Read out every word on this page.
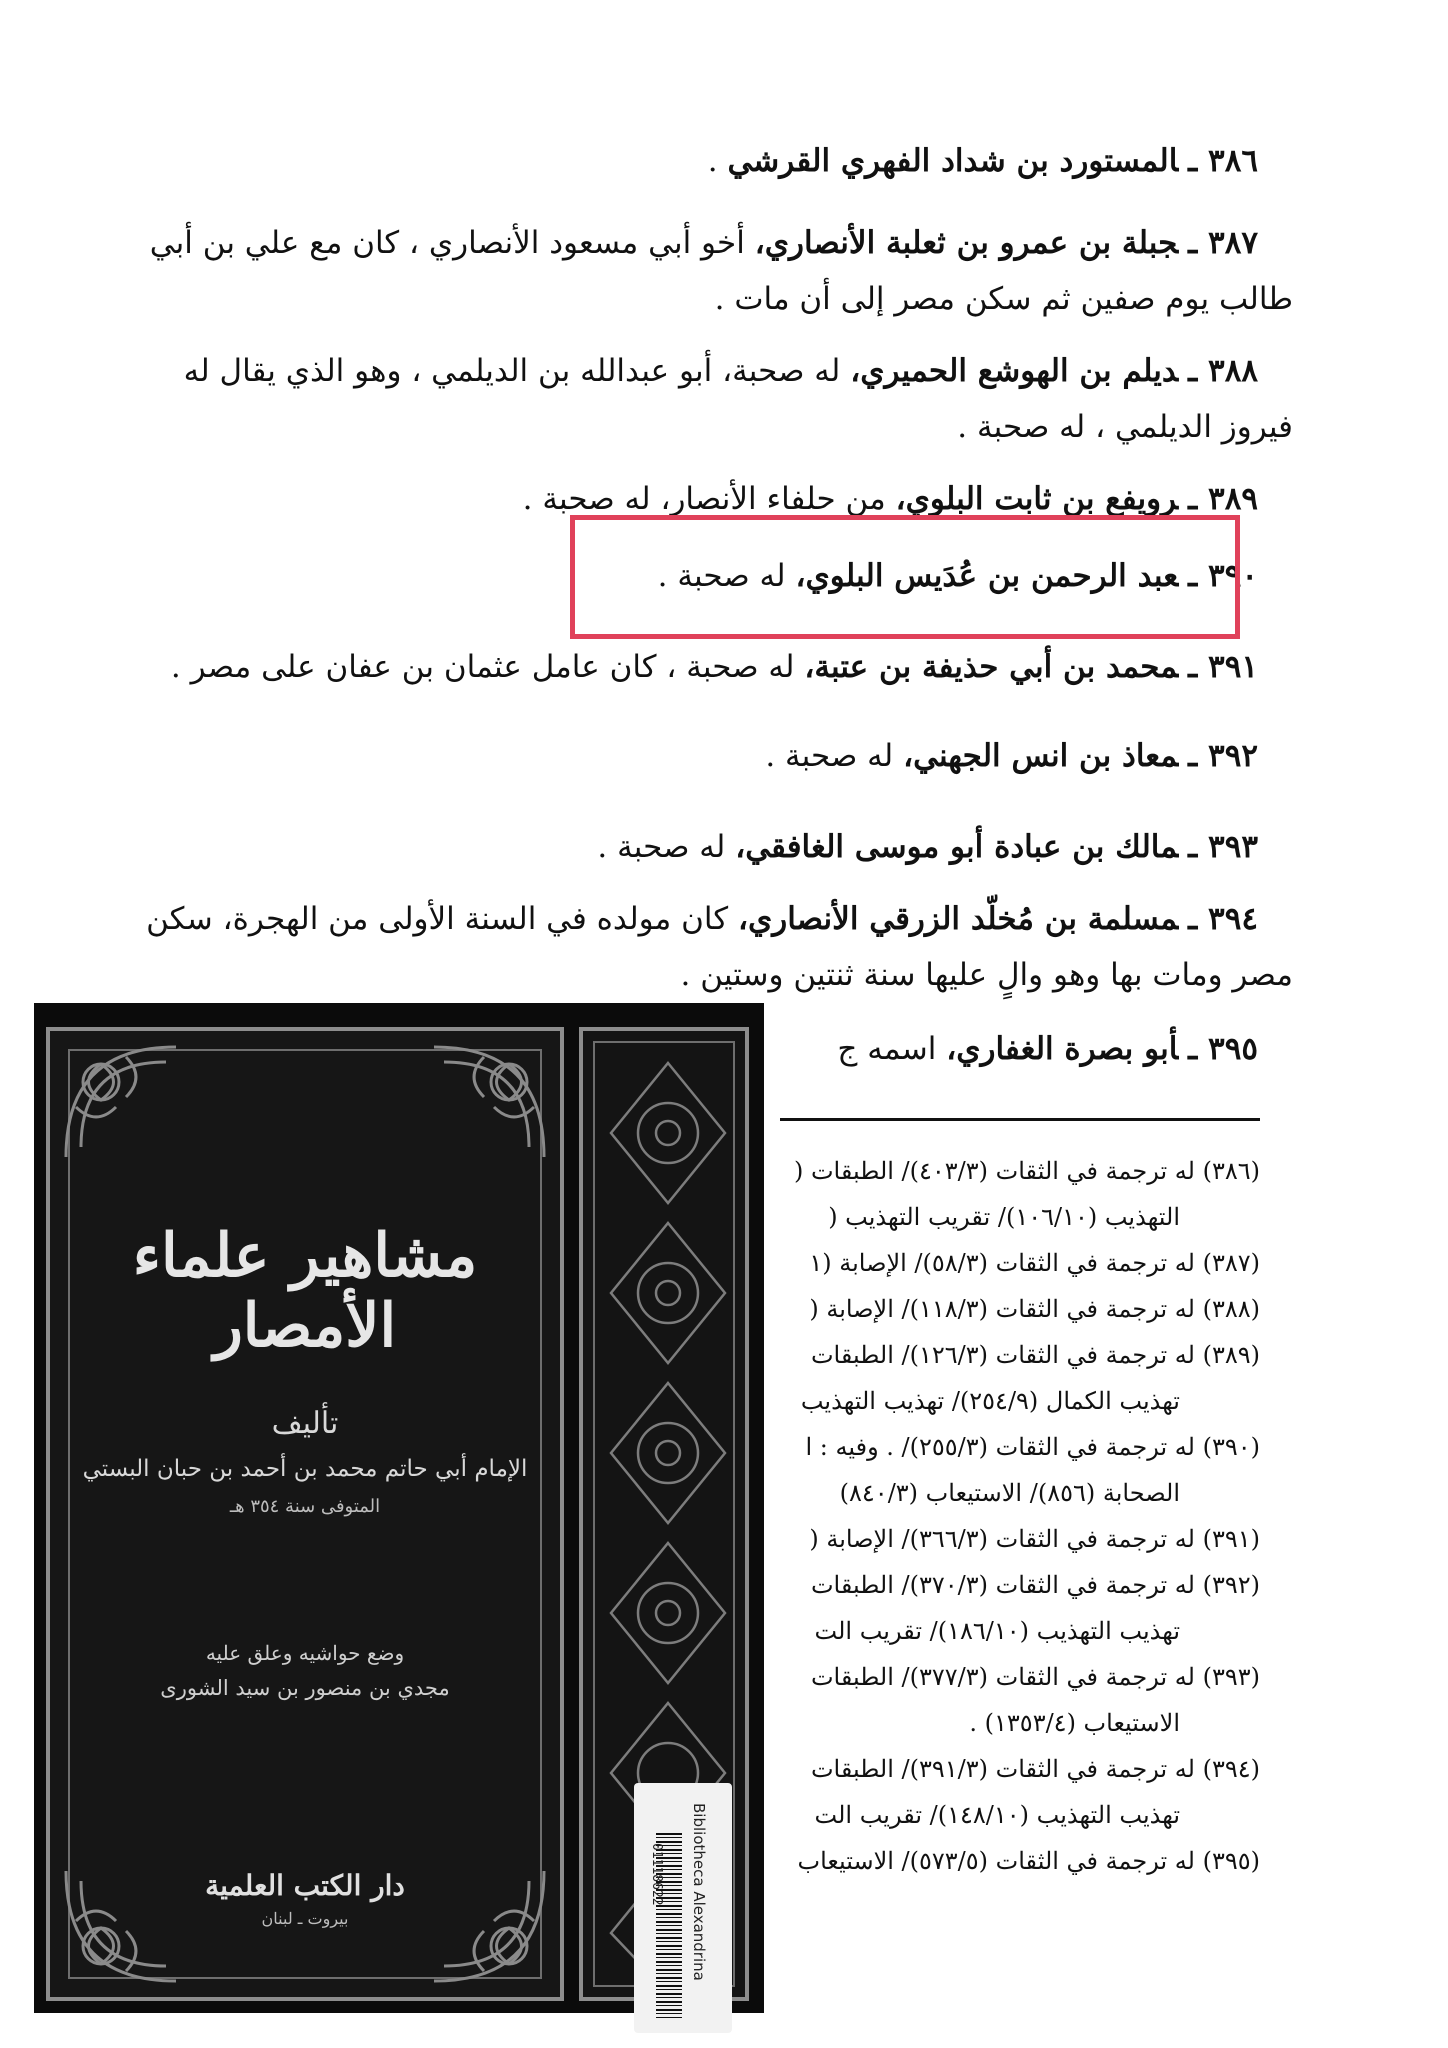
٣٨٦ ـالمستورد بن شداد الفهري القرشي .
٣٨٧ ـجبلة بن عمرو بن ثعلبة الأنصاري، أخو أبي مسعود الأنصاري ، كان مع علي بن أبي
طالب يوم صفين ثم سكن مصر إلى أن مات .
٣٨٨ ـديلم بن الهوشع الحميري، له صحبة، أبو عبدالله بن الديلمي ، وهو الذي يقال له
فيروز الديلمي ، له صحبة .
٣٨٩ ـرويفع بن ثابت البلوي، من حلفاء الأنصار، له صحبة .
٣٩٠ ـعبد الرحمن بن عُدَيس البلوي، له صحبة .
٣٩١ ـمحمد بن أبي حذيفة بن عتبة، له صحبة ، كان عامل عثمان بن عفان على مصر .
٣٩٢ ـمعاذ بن انس الجهني، له صحبة .
٣٩٣ ـمالك بن عبادة أبو موسى الغافقي، له صحبة .
٣٩٤ ـمسلمة بن مُخلّد الزرقي الأنصاري، كان مولده في السنة الأولى من الهجرة، سكن
مصر ومات بها وهو والٍ عليها سنة ثنتين وستين .
٣٩٥ ـأبو بصرة الغفاري، اسمه ج
(٣٨٦) له ترجمة في الثقات (٤٠٣/٣)/ الطبقات (
التهذيب (١٠٦/١٠)/ تقريب التهذيب (
(٣٨٧) له ترجمة في الثقات (٥٨/٣)/ الإصابة (١
(٣٨٨) له ترجمة في الثقات (١١٨/٣)/ الإصابة (
(٣٨٩) له ترجمة في الثقات (١٢٦/٣)/ الطبقات
تهذيب الكمال (٢٥٤/٩)/ تهذيب التهذيب
(٣٩٠) له ترجمة في الثقات (٢٥٥/٣)/ . وفيه : ا
الصحابة (٨٥٦)/ الاستيعاب (٨٤٠/٣)
(٣٩١) له ترجمة في الثقات (٣٦٦/٣)/ الإصابة (
(٣٩٢) له ترجمة في الثقات (٣٧٠/٣)/ الطبقات
تهذيب التهذيب (١٨٦/١٠)/ تقريب الت
(٣٩٣) له ترجمة في الثقات (٣٧٧/٣)/ الطبقات
الاستيعاب (١٣٥٣/٤) .
(٣٩٤) له ترجمة في الثقات (٣٩١/٣)/ الطبقات
تهذيب التهذيب (١٤٨/١٠)/ تقريب الت
(٣٩٥) له ترجمة في الثقات (٥٧٣/٥)/ الاستيعاب
مشاهير علماء الأمصار
تأليف
الإمام أبي حاتم محمد بن أحمد بن حبان البستي
المتوفى سنة ٣٥٤ هـ
وضع حواشيه وعلق عليه
مجدي بن منصور بن سيد الشورى
دار الكتب العلمية
بيروت ـ لبنان
01118622	Bibliotheca Alexandrina
